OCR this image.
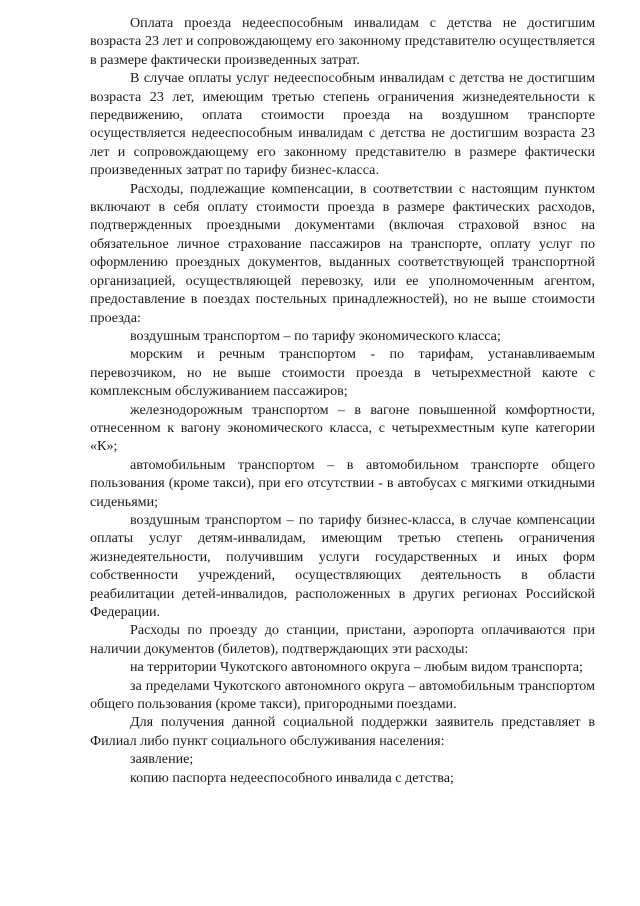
Оплата проезда недееспособным инвалидам с детства не достигшим возраста 23 лет и сопровождающему его законному представителю осуществляется в размере фактически произведенных затрат.

В случае оплаты услуг недееспособным инвалидам с детства не достигшим возраста 23 лет, имеющим третью степень ограничения жизнедеятельности к передвижению, оплата стоимости проезда на воздушном транспорте осуществляется недееспособным инвалидам с детства не достигшим возраста 23 лет и сопровождающему его законному представителю в размере фактически произведенных затрат по тарифу бизнес-класса.

Расходы, подлежащие компенсации, в соответствии с настоящим пунктом включают в себя оплату стоимости проезда в размере фактических расходов, подтвержденных проездными документами (включая страховой взнос на обязательное личное страхование пассажиров на транспорте, оплату услуг по оформлению проездных документов, выданных соответствующей транспортной организацией, осуществляющей перевозку, или ее уполномоченным агентом, предоставление в поездах постельных принадлежностей), но не выше стоимости проезда:

воздушным транспортом – по тарифу экономического класса;

морским и речным транспортом - по тарифам, устанавливаемым перевозчиком, но не выше стоимости проезда в четырехместной каюте с комплексным обслуживанием пассажиров;

железнодорожным транспортом – в вагоне повышенной комфортности, отнесенном к вагону экономического класса, с четырехместным купе категории «К»;

автомобильным транспортом – в автомобильном транспорте общего пользования (кроме такси), при его отсутствии - в автобусах с мягкими откидными сиденьями;

воздушным транспортом – по тарифу бизнес-класса, в случае компенсации оплаты услуг детям-инвалидам, имеющим третью степень ограничения жизнедеятельности, получившим услуги государственных и иных форм собственности учреждений, осуществляющих деятельность в области реабилитации детей-инвалидов, расположенных в других регионах Российской Федерации.

Расходы по проезду до станции, пристани, аэропорта оплачиваются при наличии документов (билетов), подтверждающих эти расходы:

на территории Чукотского автономного округа – любым видом транспорта;

за пределами Чукотского автономного округа – автомобильным транспортом общего пользования (кроме такси), пригородными поездами.

Для получения данной социальной поддержки заявитель представляет в Филиал либо пункт социального обслуживания населения:

заявление;

копию паспорта недееспособного инвалида с детства;
